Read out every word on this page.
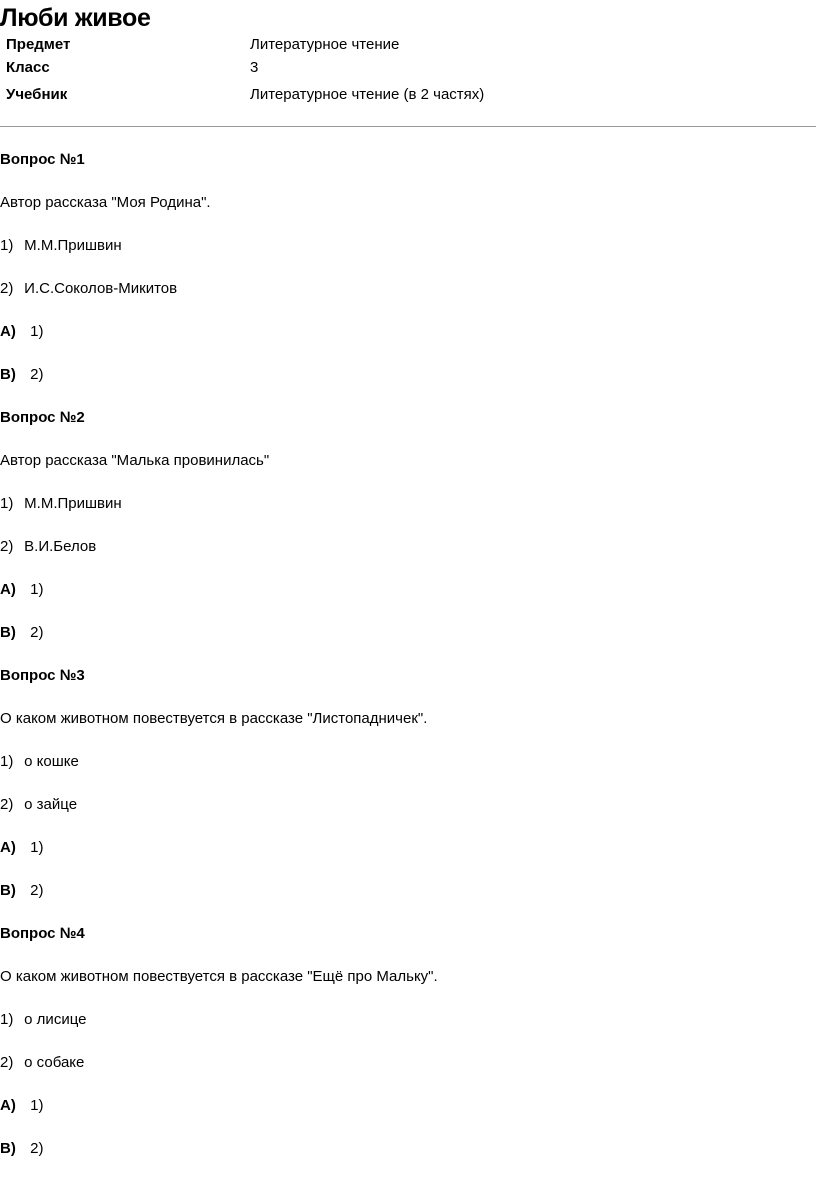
Люби живое
Предмет	Литературное чтение
Класс	3
Учебник	Литературное чтение (в 2 частях)
Вопрос №1
Автор рассказа "Моя Родина".
1) М.М.Пришвин
2) И.С.Соколов-Микитов
A) 1)
B) 2)
Вопрос №2
Автор рассказа "Малька провинилась"
1) М.М.Пришвин
2) В.И.Белов
A) 1)
B) 2)
Вопрос №3
О каком животном повествуется в рассказе "Листопадничек".
1) о кошке
2) о зайце
A) 1)
B) 2)
Вопрос №4
О каком животном повествуется в рассказе "Ещё про Мальку".
1) о лисице
2) о собаке
A) 1)
B) 2)
